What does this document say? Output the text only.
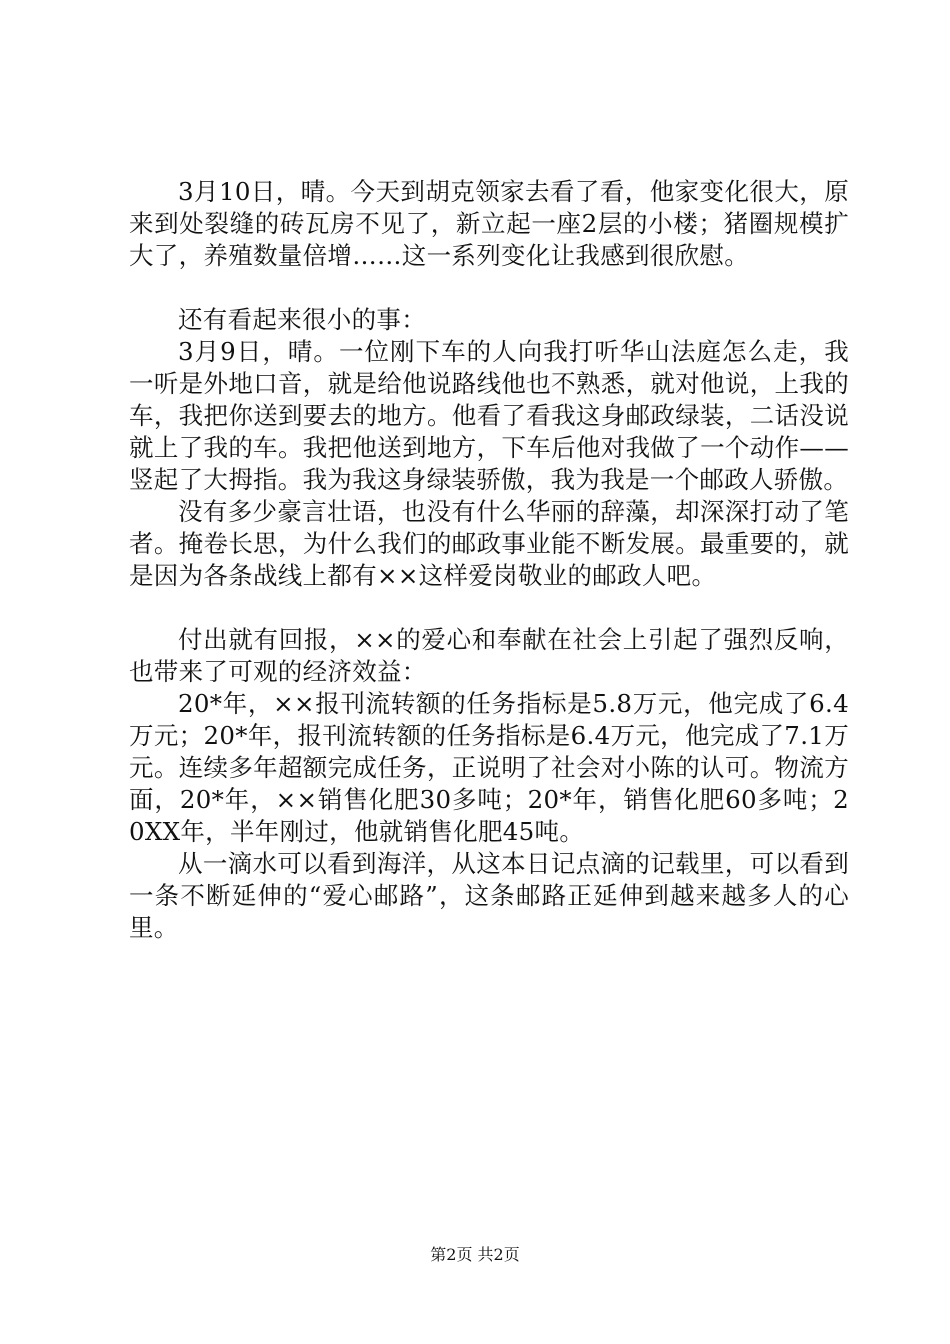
3月10日，晴。今天到胡克领家去看了看，他家变化很大，原来到处裂缝的砖瓦房不见了，新立起一座2层的小楼；猪圈规模扩大了，养殖数量倍增……这一系列变化让我感到很欣慰。

还有看起来很小的事：

3月9日，晴。一位刚下车的人向我打听华山法庭怎么走，我一听是外地口音，就是给他说路线他也不熟悉，就对他说，上我的车，我把你送到要去的地方。他看了看我这身邮政绿装，二话没说就上了我的车。我把他送到地方，下车后他对我做了一个动作——竖起了大拇指。我为我这身绿装骄傲，我为我是一个邮政人骄傲。

没有多少豪言壮语，也没有什么华丽的辞藻，却深深打动了笔者。掩卷长思，为什么我们的邮政事业能不断发展。最重要的，就是因为各条战线上都有××这样爱岗敬业的邮政人吧。

付出就有回报，××的爱心和奉献在社会上引起了强烈反响，也带来了可观的经济效益：

20*年，××报刊流转额的任务指标是5.8万元，他完成了6.4万元；20*年，报刊流转额的任务指标是6.4万元，他完成了7.1万元。连续多年超额完成任务，正说明了社会对小陈的认可。物流方面，20*年，××销售化肥30多吨；20*年，销售化肥60多吨；20XX年，半年刚过，他就销售化肥45吨。

从一滴水可以看到海洋，从这本日记点滴的记载里，可以看到一条不断延伸的“爱心邮路”，这条邮路正延伸到越来越多人的心里。

第2页 共2页
